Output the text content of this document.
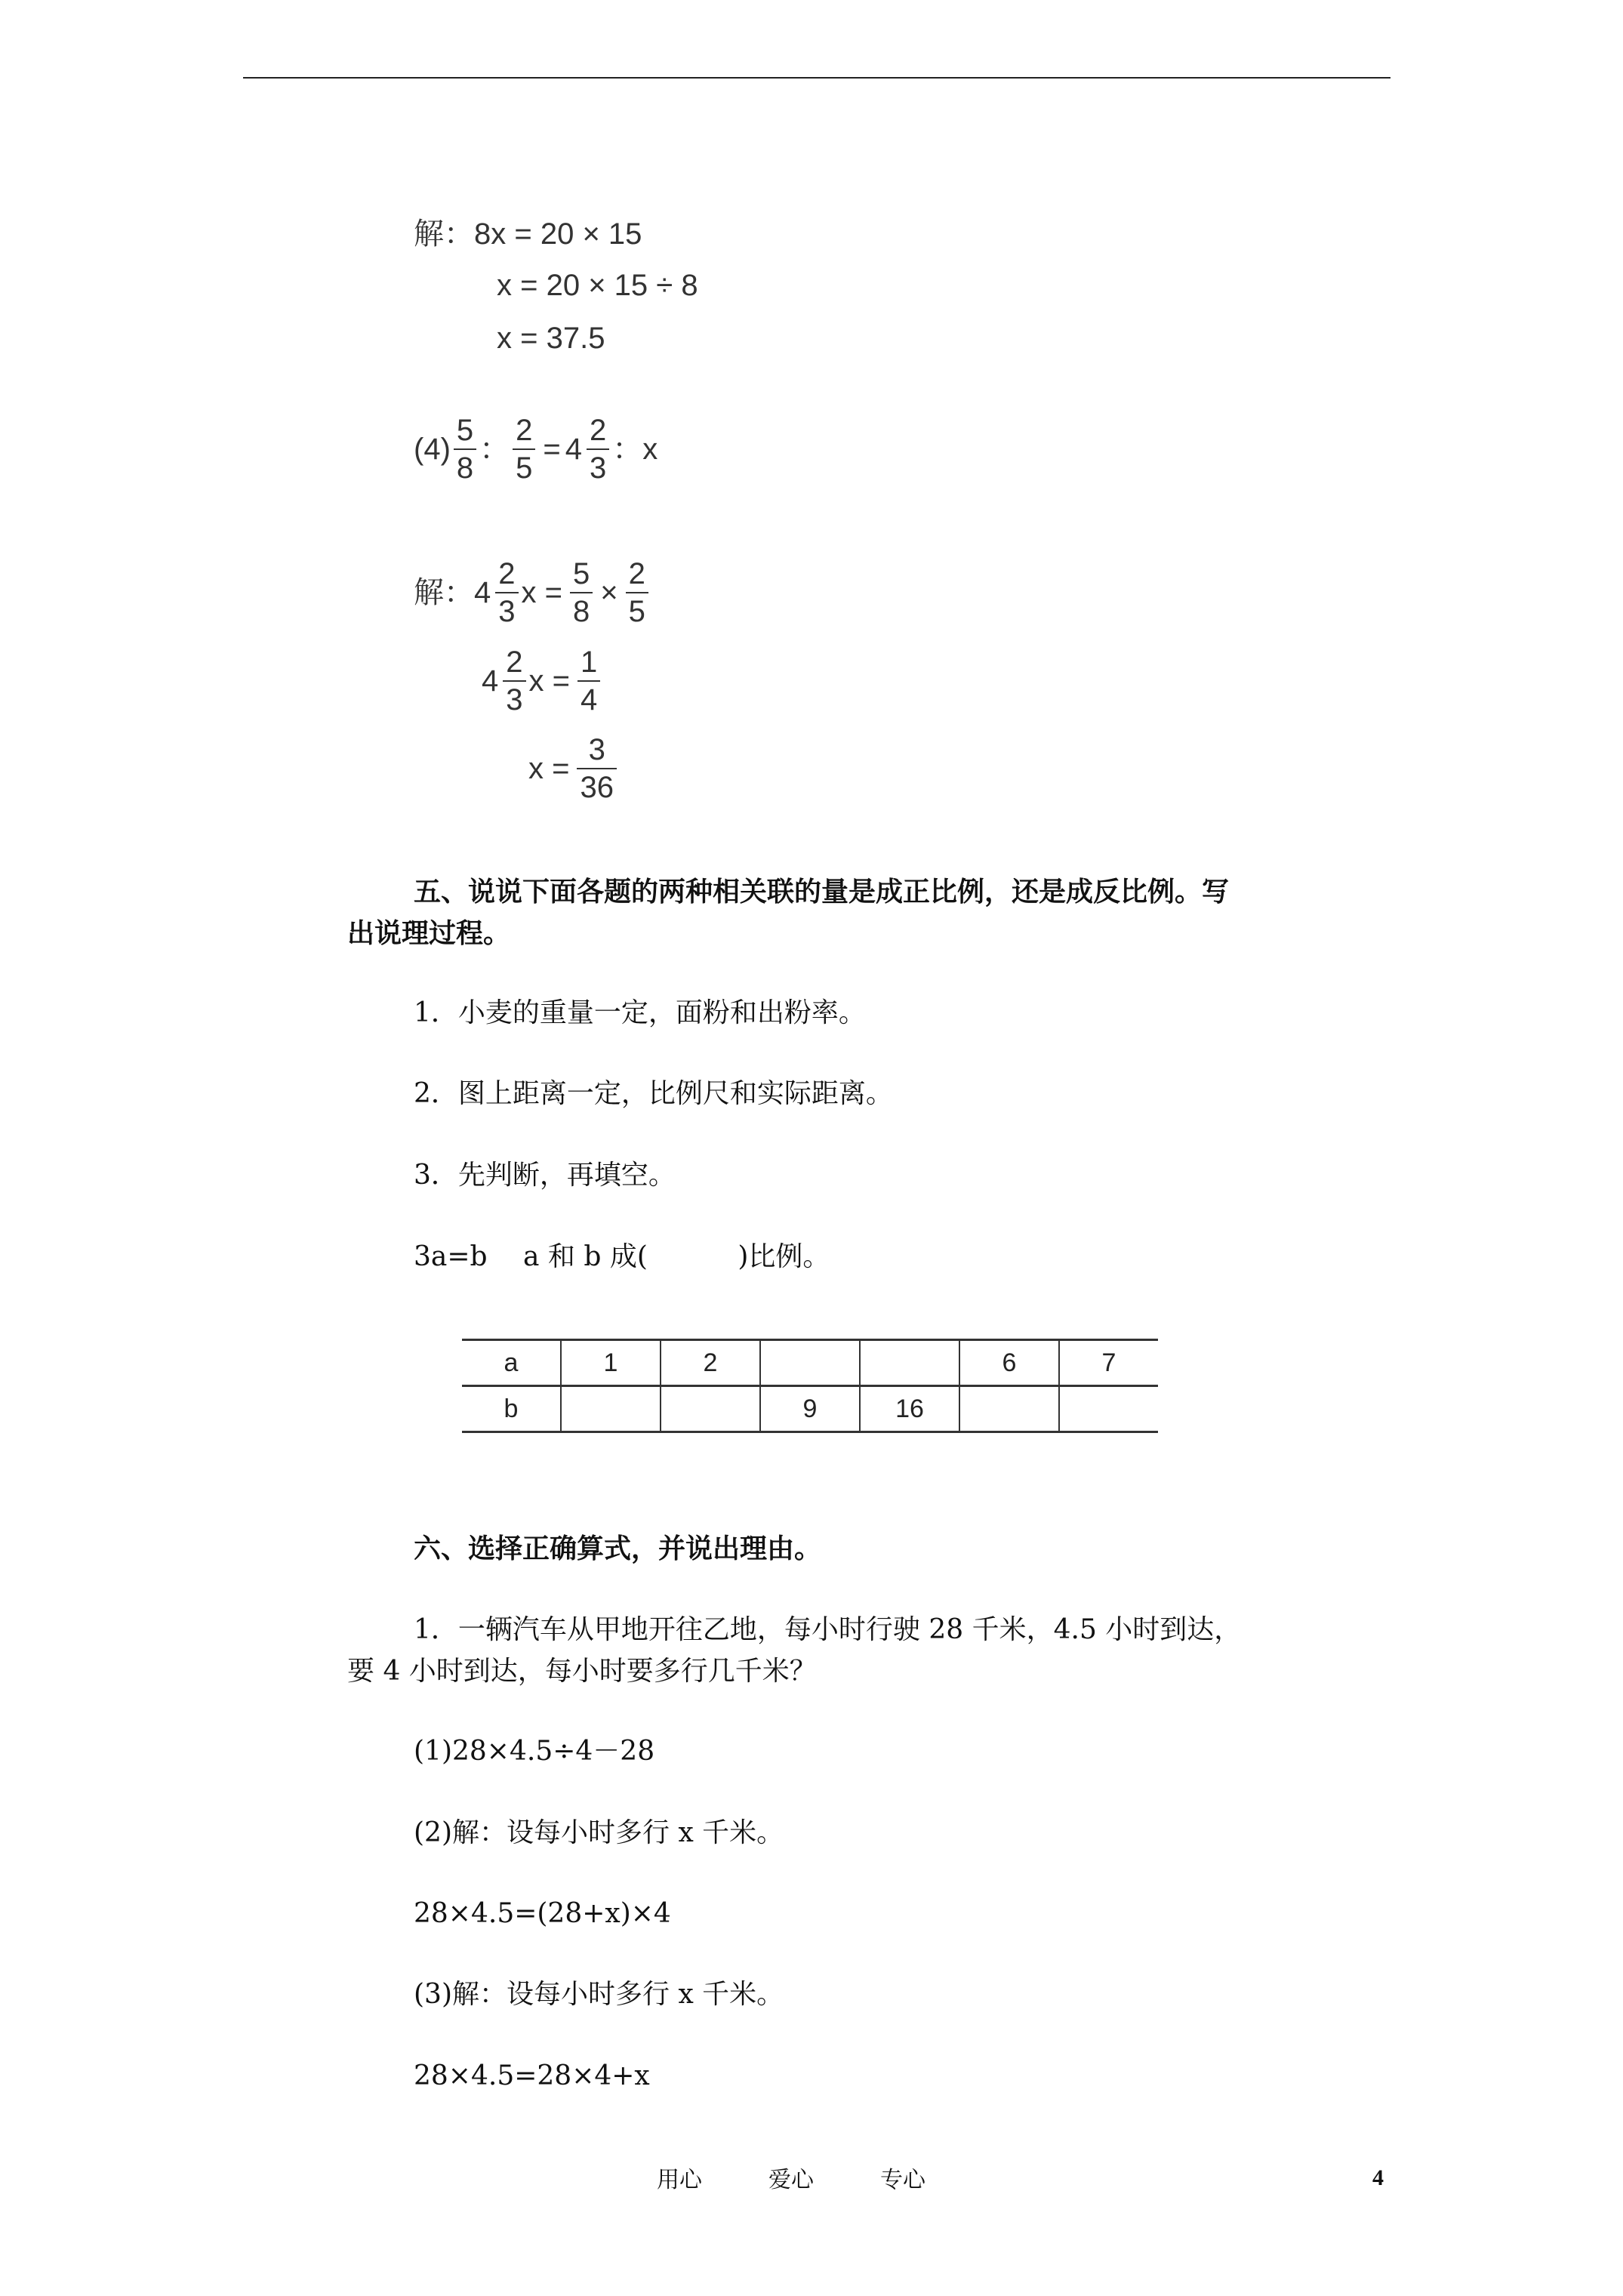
解：8x = 20 × 15
x = 20 × 15 ÷ 8
x = 37.5
$(4) \frac{5}{8}$ ： $\frac{2}{5} = 4 \frac{2}{3}$ ：x
解： $4 \frac{2}{3}$ $x = \frac{5}{8} \times \frac{2}{5}$
$4 \frac{2}{3}$ $x = \frac{1}{4}$
$x = \frac{3}{36}$
五、说说下面各题的两种相关联的量是成正比例，还是成反比例。写
出说理过程。
1．小麦的重量一定，面粉和出粉率。
2．图上距离一定，比例尺和实际距离。
3．先判断，再填空。
3a=b　 a 和 b 成(　　　 )比例。
a	1	2			6	7
b			9	16		
六、选择正确算式，并说出理由。
1．一辆汽车从甲地开往乙地，每小时行驶 28 千米，4.5 小时到达，
要 4 小时到达，每小时要多行几千米？
(1)28×4.5÷4－28
(2)解：设每小时多行 x 千米。
28×4.5=(28+x)×4
(3)解：设每小时多行 x 千米。
28×4.5=28×4+x
用心	爱心	专心	4
